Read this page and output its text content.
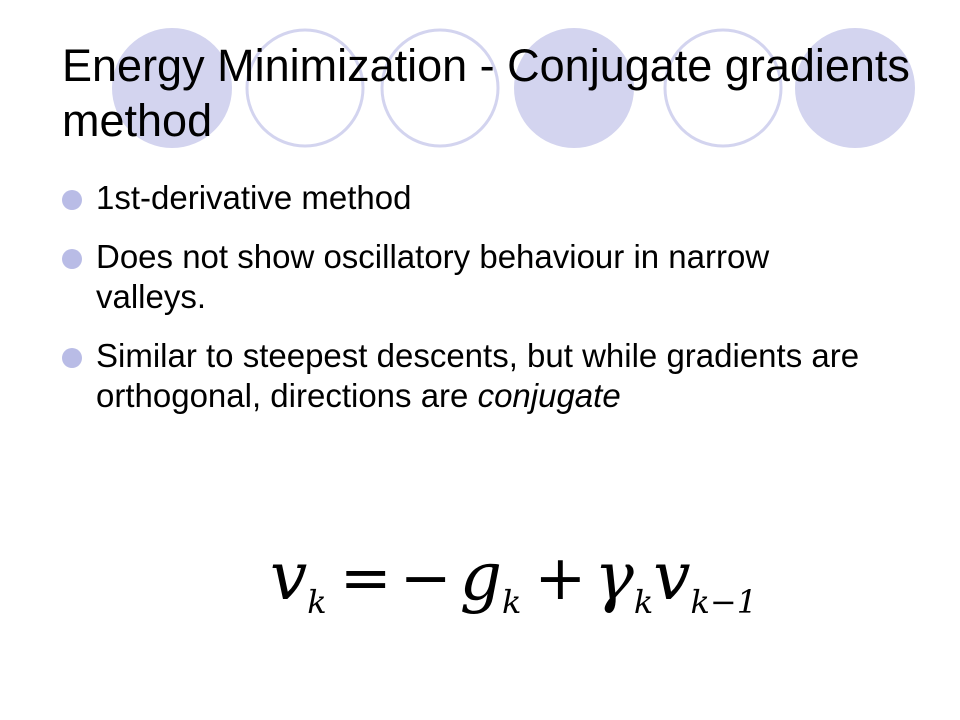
Energy Minimization - Conjugate gradients method
1st-derivative method
Does not show oscillatory behaviour in narrow valleys.
Similar to steepest descents, but while gradients are orthogonal, directions are conjugate
$v_k$ = − $g_k + \gamma_kv_{k-1}$
